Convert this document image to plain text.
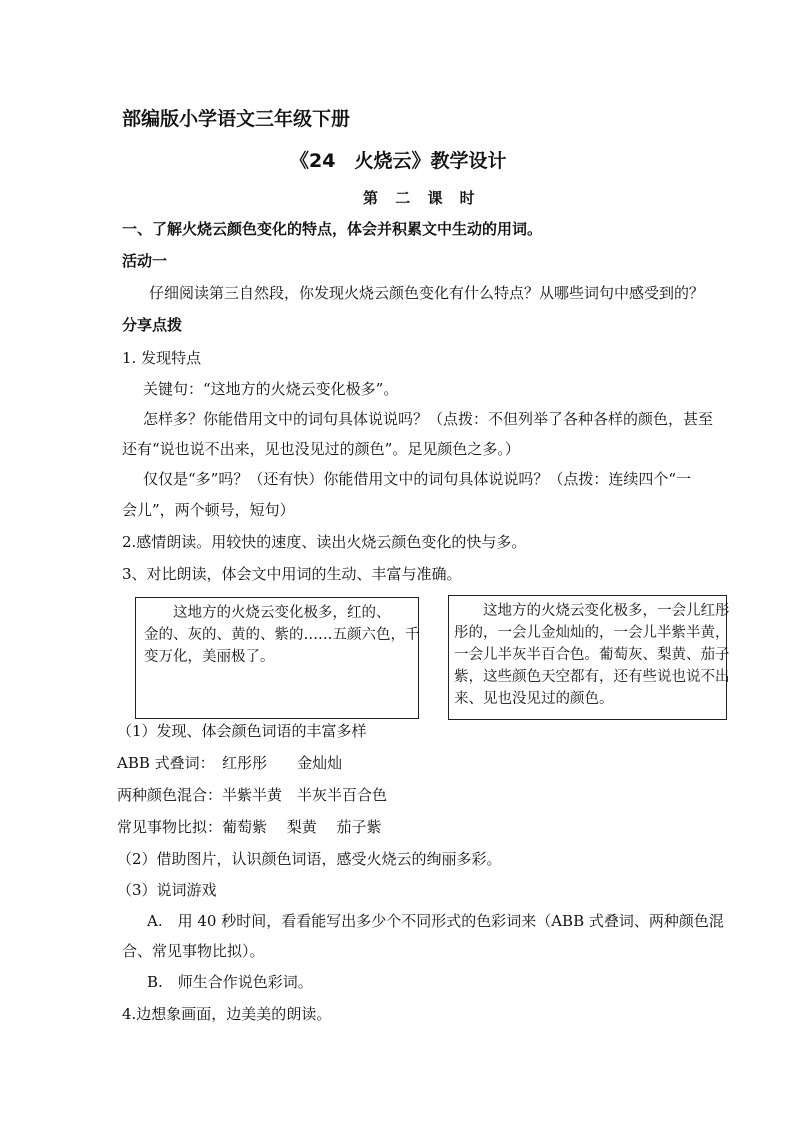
部编版小学语文三年级下册
《24　火烧云》教学设计
第 二 课 时
一、了解火烧云颜色变化的特点，体会并积累文中生动的用词。
活动一
仔细阅读第三自然段，你发现火烧云颜色变化有什么特点？从哪些词句中感受到的？
分享点拨
1. 发现特点
关键句：“这地方的火烧云变化极多”。
怎样多？你能借用文中的词句具体说说吗？（点拨：不但列举了各种各样的颜色，甚至
还有“说也说不出来，见也没见过的颜色”。足见颜色之多。）
仅仅是“多”吗？（还有快）你能借用文中的词句具体说说吗？（点拨：连续四个“一
会儿”，两个顿号，短句）
2.感情朗读。用较快的速度、读出火烧云颜色变化的快与多。
3、对比朗读，体会文中用词的生动、丰富与准确。
　　这地方的火烧云变化极多，红的、
金的、灰的、黄的、紫的……五颜六色，千
变万化，美丽极了。
　　这地方的火烧云变化极多，一会儿红彤
彤的，一会儿金灿灿的，一会儿半紫半黄，
一会儿半灰半百合色。葡萄灰、梨黄、茄子
紫，这些颜色天空都有，还有些说也说不出
来、见也没见过的颜色。
（1）发现、体会颜色词语的丰富多样
ABB 式叠词：　红彤彤　　金灿灿
两种颜色混合：半紫半黄　半灰半百合色
常见事物比拟：葡萄紫　 梨黄　 茄子紫
（2）借助图片，认识颜色词语，感受火烧云的绚丽多彩。
（3）说词游戏
A.　用 40 秒时间，看看能写出多少个不同形式的色彩词来（ABB 式叠词、两种颜色混
合、常见事物比拟）。
B.　师生合作说色彩词。
4.边想象画面，边美美的朗读。
